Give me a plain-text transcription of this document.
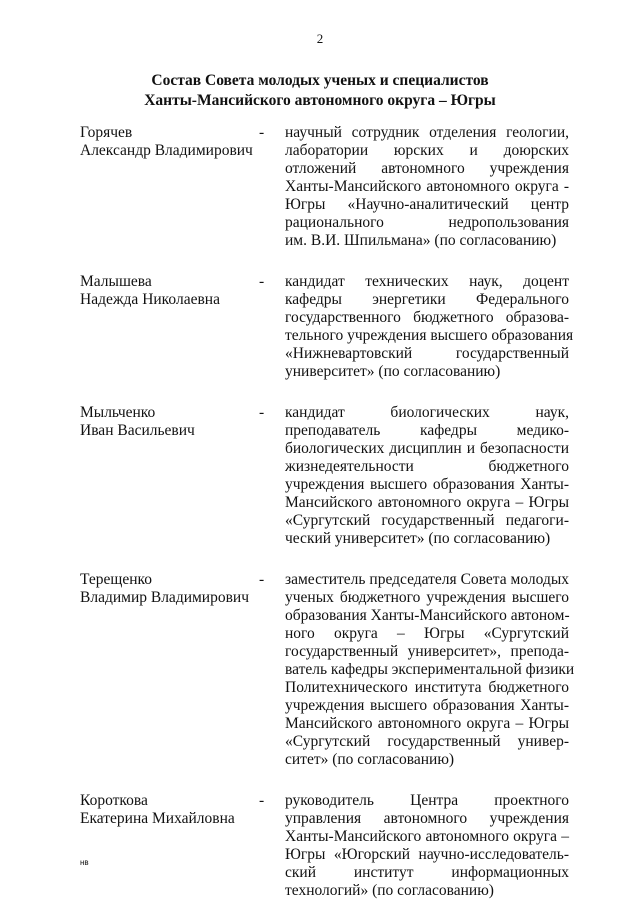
2
Состав Совета молодых ученых и специалистов
Ханты-Мансийского автономного округа – Югры
Горячев
Александр Владимирович
- научный сотрудник отделения геологии,
лаборатории юрских и доюрских
отложений автономного учреждения
Ханты-Мансийского автономного округа -
Югры «Научно-аналитический центр
рационального недропользования
им. В.И. Шпильмана» (по согласованию)
Малышева
Надежда Николаевна
- кандидат технических наук, доцент
кафедры энергетики Федерального
государственного бюджетного образова-
тельного учреждения высшего образования
«Нижневартовский государственный
университет» (по согласованию)
Мыльченко
Иван Васильевич
- кандидат биологических наук,
преподаватель кафедры медико-
биологических дисциплин и безопасности
жизнедеятельности бюджетного
учреждения высшего образования Ханты-
Мансийского автономного округа – Югры
«Сургутский государственный педагоги-
ческий университет» (по согласованию)
Терещенко
Владимир Владимирович
- заместитель председателя Совета молодых
ученых бюджетного учреждения высшего
образования Ханты-Мансийского автоном-
ного округа – Югры «Сургутский
государственный университет», препода-
ватель кафедры экспериментальной физики
Политехнического института бюджетного
учреждения высшего образования Ханты-
Мансийского автономного округа – Югры
«Сургутский государственный универ-
ситет» (по согласованию)
Короткова
Екатерина Михайловна
- руководитель Центра проектного
управления автономного учреждения
Ханты-Мансийского автономного округа –
Югры «Югорский научно-исследователь-
ский институт информационных
технологий» (по согласованию)
нв
